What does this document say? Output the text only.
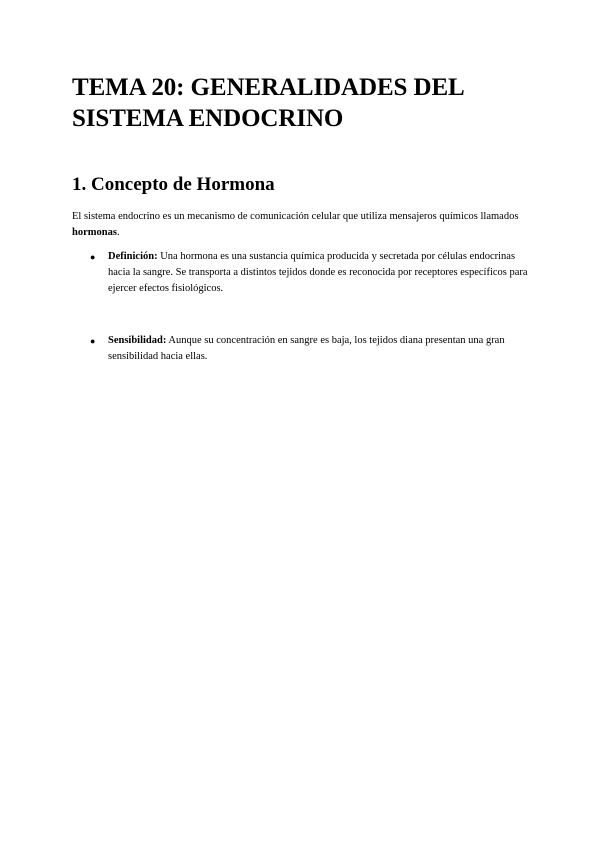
TEMA 20: GENERALIDADES DEL SISTEMA ENDOCRINO
1. Concepto de Hormona

El sistema endocrino es un mecanismo de comunicación celular que utiliza mensajeros químicos llamados hormonas.

● Definición: Una hormona es una sustancia química producida y secretada por células endocrinas hacia la sangre. Se transporta a distintos tejidos donde es reconocida por receptores específicos para ejercer efectos fisiológicos.
● Sensibilidad: Aunque su concentración en sangre es baja, los tejidos diana presentan una gran sensibilidad hacia ellas.
